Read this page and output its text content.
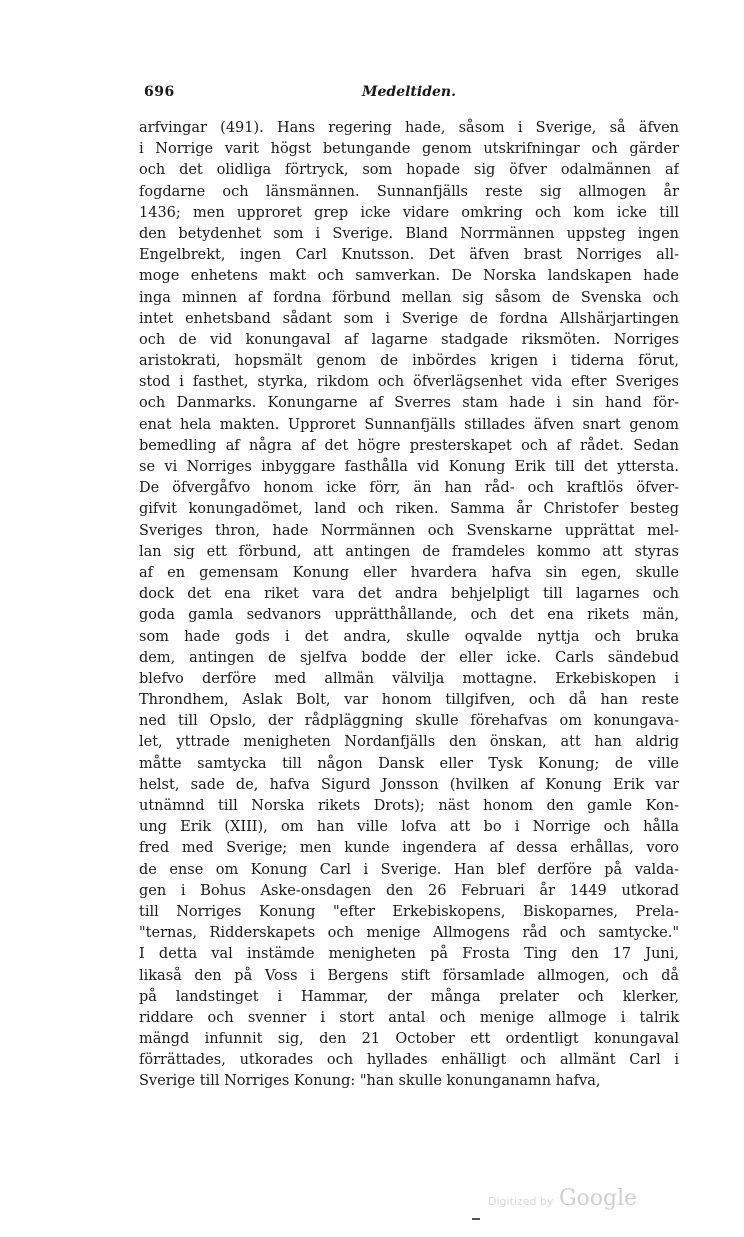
696	Medeltiden.
arfvingar (491). Hans regering hade, såsom i Sverige, så äfven
i Norrige varit högst betungande genom utskrifningar och gärder
och det olidliga förtryck, som hopade sig öfver odalmännen af
fogdarne och länsmännen. Sunnanfjälls reste sig allmogen år
1436; men upproret grep icke vidare omkring och kom icke till
den betydenhet som i Sverige. Bland Norrmännen uppsteg ingen
Engelbrekt, ingen Carl Knutsson. Det äfven brast Norriges all-
moge enhetens makt och samverkan. De Norska landskapen hade
inga minnen af fordna förbund mellan sig såsom de Svenska och
intet enhetsband sådant som i Sverige de fordna Allshärjartingen
och de vid konungaval af lagarne stadgade riksmöten. Norriges
aristokrati, hopsmält genom de inbördes krigen i tiderna förut,
stod i fasthet, styrka, rikdom och öfverlägsenhet vida efter Sveriges
och Danmarks. Konungarne af Sverres stam hade i sin hand för-
enat hela makten. Upproret Sunnanfjälls stillades äfven snart genom
bemedling af några af det högre presterskapet och af rådet. Sedan
se vi Norriges inbyggare fasthålla vid Konung Erik till det yttersta.
De öfvergåfvo honom icke förr, än han råd- och kraftlös öfver-
gifvit konungadömet, land och riken. Samma år Christofer besteg
Sveriges thron, hade Norrmännen och Svenskarne upprättat mel-
lan sig ett förbund, att antingen de framdeles kommo att styras
af en gemensam Konung eller hvardera hafva sin egen, skulle
dock det ena riket vara det andra behjelpligt till lagarnes och
goda gamla sedvanors upprätthållande, och det ena rikets män,
som hade gods i det andra, skulle oqvalde nyttja och bruka
dem, antingen de sjelfva bodde der eller icke. Carls sändebud
blefvo derföre med allmän välvilja mottagne. Erkebiskopen i
Throndhem, Aslak Bolt, var honom tillgifven, och då han reste
ned till Opslo, der rådpläggning skulle förehafvas om konungava-
let, yttrade menigheten Nordanfjälls den önskan, att han aldrig
måtte samtycka till någon Dansk eller Tysk Konung; de ville
helst, sade de, hafva Sigurd Jonsson (hvilken af Konung Erik var
utnämnd till Norska rikets Drots); näst honom den gamle Kon-
ung Erik (XIII), om han ville lofva att bo i Norrige och hålla
fred med Sverige; men kunde ingendera af dessa erhållas, voro
de ense om Konung Carl i Sverige. Han blef derföre på valda-
gen i Bohus Aske-onsdagen den 26 Februari år 1449 utkorad
till Norriges Konung "efter Erkebiskopens, Biskoparnes, Prela-
"ternas, Ridderskapets och menige Allmogens råd och samtycke."
I detta val instämde menigheten på Frosta Ting den 17 Juni,
likaså den på Voss i Bergens stift församlade allmogen, och då
på landstinget i Hammar, der många prelater och klerker,
riddare och svenner i stort antal och menige allmoge i talrik
mängd infunnit sig, den 21 October ett ordentligt konungaval
förrättades, utkorades och hyllades enhälligt och allmänt Carl i
Sverige till Norriges Konung: "han skulle konunganamn hafva,
Digitized by Google
